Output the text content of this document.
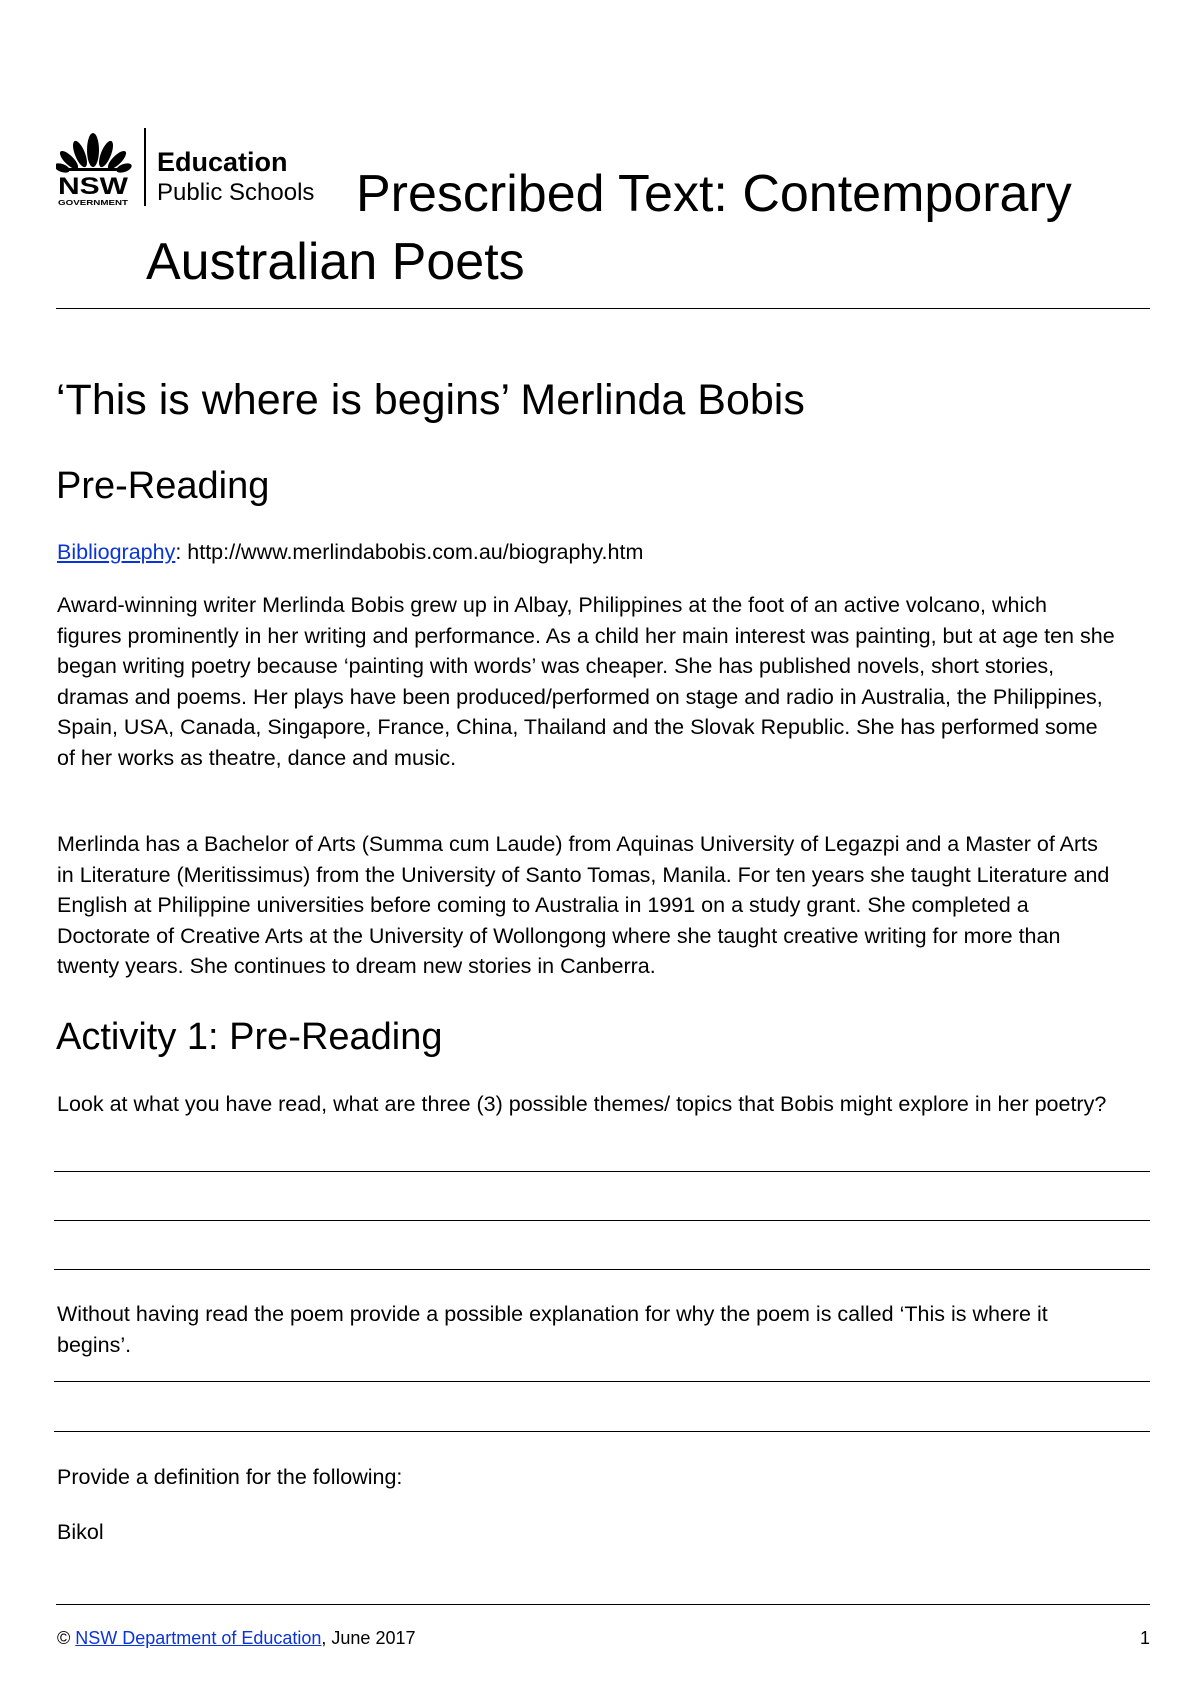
NSW
GOVERNMENT
Education
Public Schools Prescribed Text: Contemporary Australian Poets
‘This is where is begins’ Merlinda Bobis
Pre-Reading

Bibliography: http://www.merlindabobis.com.au/biography.htm

Award-winning writer Merlinda Bobis grew up in Albay, Philippines at the foot of an active volcano, which figures prominently in her writing and performance. As a child her main interest was painting, but at age ten she began writing poetry because ‘painting with words’ was cheaper. She has published novels, short stories, dramas and poems. Her plays have been produced/performed on stage and radio in Australia, the Philippines, Spain, USA, Canada, Singapore, France, China, Thailand and the Slovak Republic. She has performed some of her works as theatre, dance and music.

Merlinda has a Bachelor of Arts (Summa cum Laude) from Aquinas University of Legazpi and a Master of Arts in Literature (Meritissimus) from the University of Santo Tomas, Manila. For ten years she taught Literature and English at Philippine universities before coming to Australia in 1991 on a study grant. She completed a Doctorate of Creative Arts at the University of Wollongong where she taught creative writing for more than twenty years. She continues to dream new stories in Canberra.

Activity 1: Pre-Reading

Look at what you have read, what are three (3) possible themes/ topics that Bobis might explore in her poetry?

Without having read the poem provide a possible explanation for why the poem is called ‘This is where it begins’.

Provide a definition for the following:

Bikol

© NSW Department of Education, June 2017	1
